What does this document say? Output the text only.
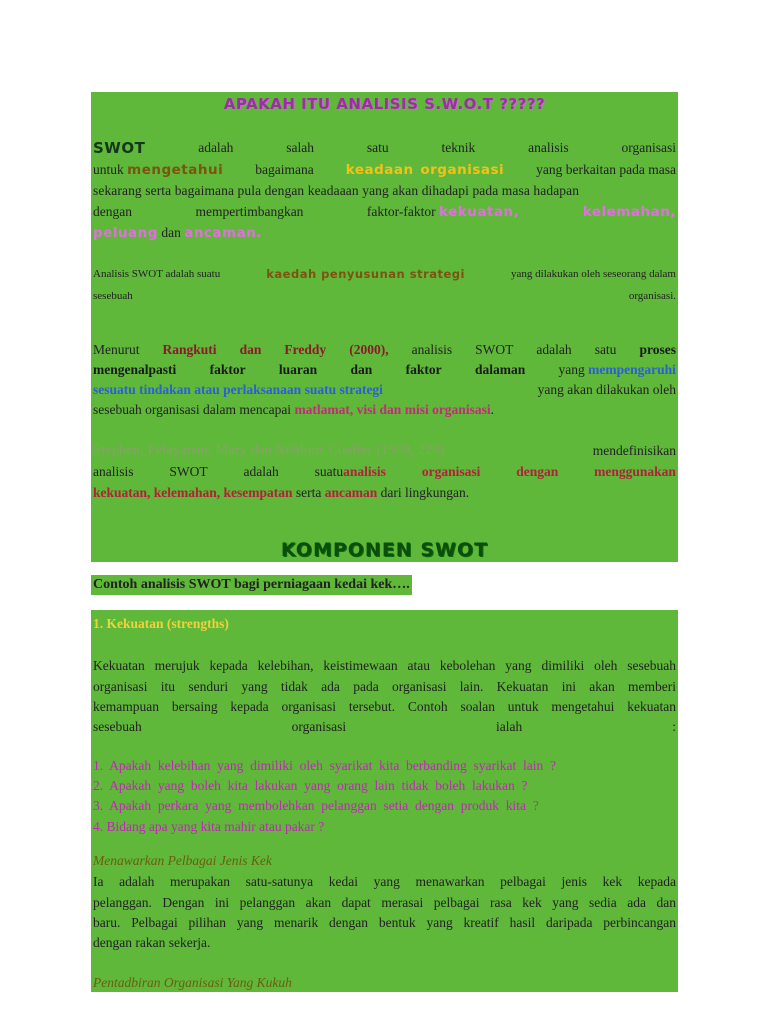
APAKAH ITU ANALISIS S.W.O.T ?????
SWOT	adalah	salah	satu	teknik	analisis	organisasi
untuk mengetahui bagaimana keadaan organisasi yang berkaitan pada masa
sekarang serta bagaimana pula dengan keadaaan yang akan dihadapi pada masa hadapan
dengan	mempertimbangkan	faktor-faktor kekuatan,	kelemahan,
peluang dan ancaman.
Analisis SWOT adalah suatu	kaedah penyusunan strategi	yang dilakukan oleh seseorang dalam
sesebuah	organisasi.
Menurut Rangkuti dan Freddy (2000), analisis SWOT adalah satu proses
mengenalpasti faktor luaran dan faktor dalaman yang mempengaruhi
sesuatu tindakan atau perlaksanaan suatu strategi	yang akan dilakukan oleh
sesebuah organisasi dalam mencapai matlamat, visi dan misi organisasi.
Stephen, Pelayanan, Mary dan Robbins Coulter (1999, 229)	mendefinisikan
analisis	SWOT	adalah	suatuanalisis	organisasi	dengan	menggunakan
kekuatan, kelemahan, kesempatan serta ancaman dari lingkungan.
KOMPONEN SWOT
Contoh analisis SWOT bagi perniagaan kedai kek….
1. Kekuatan (strengths)
Kekuatan merujuk kepada kelebihan, keistimewaan atau kebolehan yang dimiliki oleh sesebuah
organisasi itu senduri yang tidak ada pada organisasi lain. Kekuatan ini akan memberi
kemampuan bersaing kepada organisasi tersebut. Contoh soalan untuk mengetahui kekuatan
sesebuah	organisasi	ialah	:
1.  Apakah  kelebihan  yang  dimiliki  oleh  syarikat  kita  berbanding  syarikat  lain  ?
2.  Apakah  yang  boleh  kita  lakukan  yang  orang  lain  tidak  boleh  lakukan  ?
3.  Apakah  perkara  yang  membolehkan  pelanggan  setia  dengan  produk  kita  ?
4. Bidang apa yang kita mahir atau pakar ?
Menawarkan Pelbagai Jenis Kek
Ia adalah merupakan satu-satunya kedai yang menawarkan pelbagai jenis kek kepada
pelanggan. Dengan ini pelanggan akan dapat merasai pelbagai rasa kek yang sedia ada dan
baru. Pelbagai pilihan yang menarik dengan bentuk yang kreatif hasil daripada perbincangan
dengan rakan sekerja.
Pentadbiran Organisasi Yang Kukuh
